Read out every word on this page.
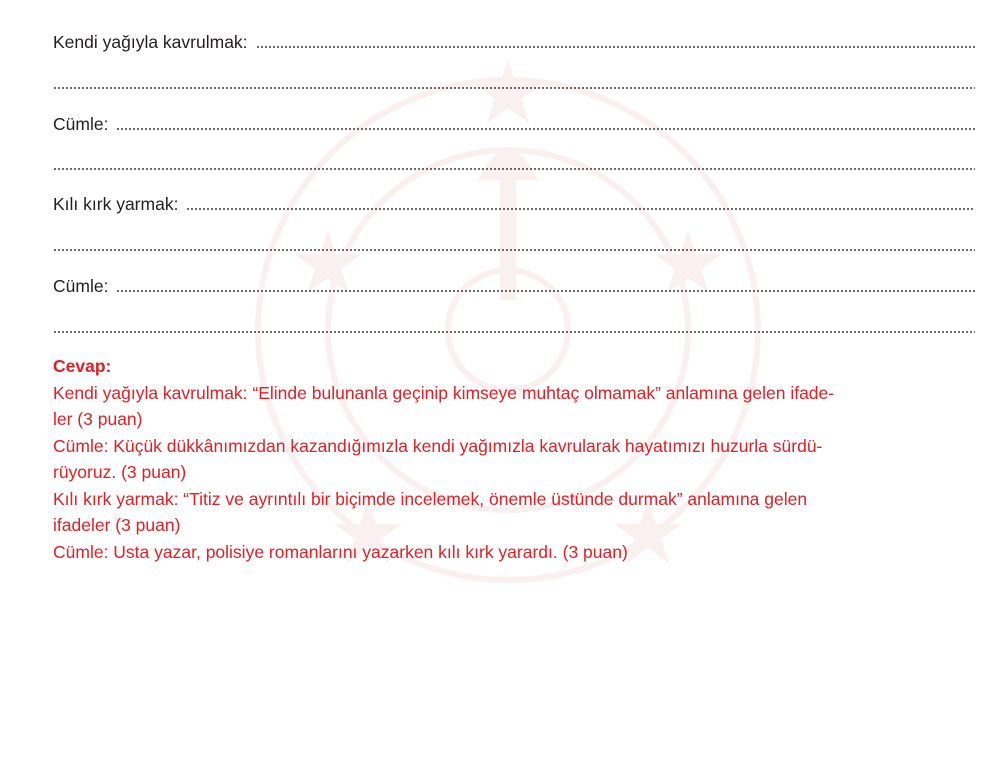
Kendi yağıyla kavrulmak:
Cümle:
Kılı kırk yarmak:
Cümle:

Cevap:

Kendi yağıyla kavrulmak: “Elinde bulunanla geçinip kimseye muhtaç olmamak” anlamına gelen ifade-

ler (3 puan)

Cümle: Küçük dükkânımızdan kazandığımızla kendi yağımızla kavrularak hayatımızı huzurla sürdü-

rüyoruz. (3 puan)

Kılı kırk yarmak: “Titiz ve ayrıntılı bir biçimde incelemek, önemle üstünde durmak” anlamına gelen

ifadeler (3 puan)

Cümle: Usta yazar, polisiye romanlarını yazarken kılı kırk yarardı. (3 puan)
